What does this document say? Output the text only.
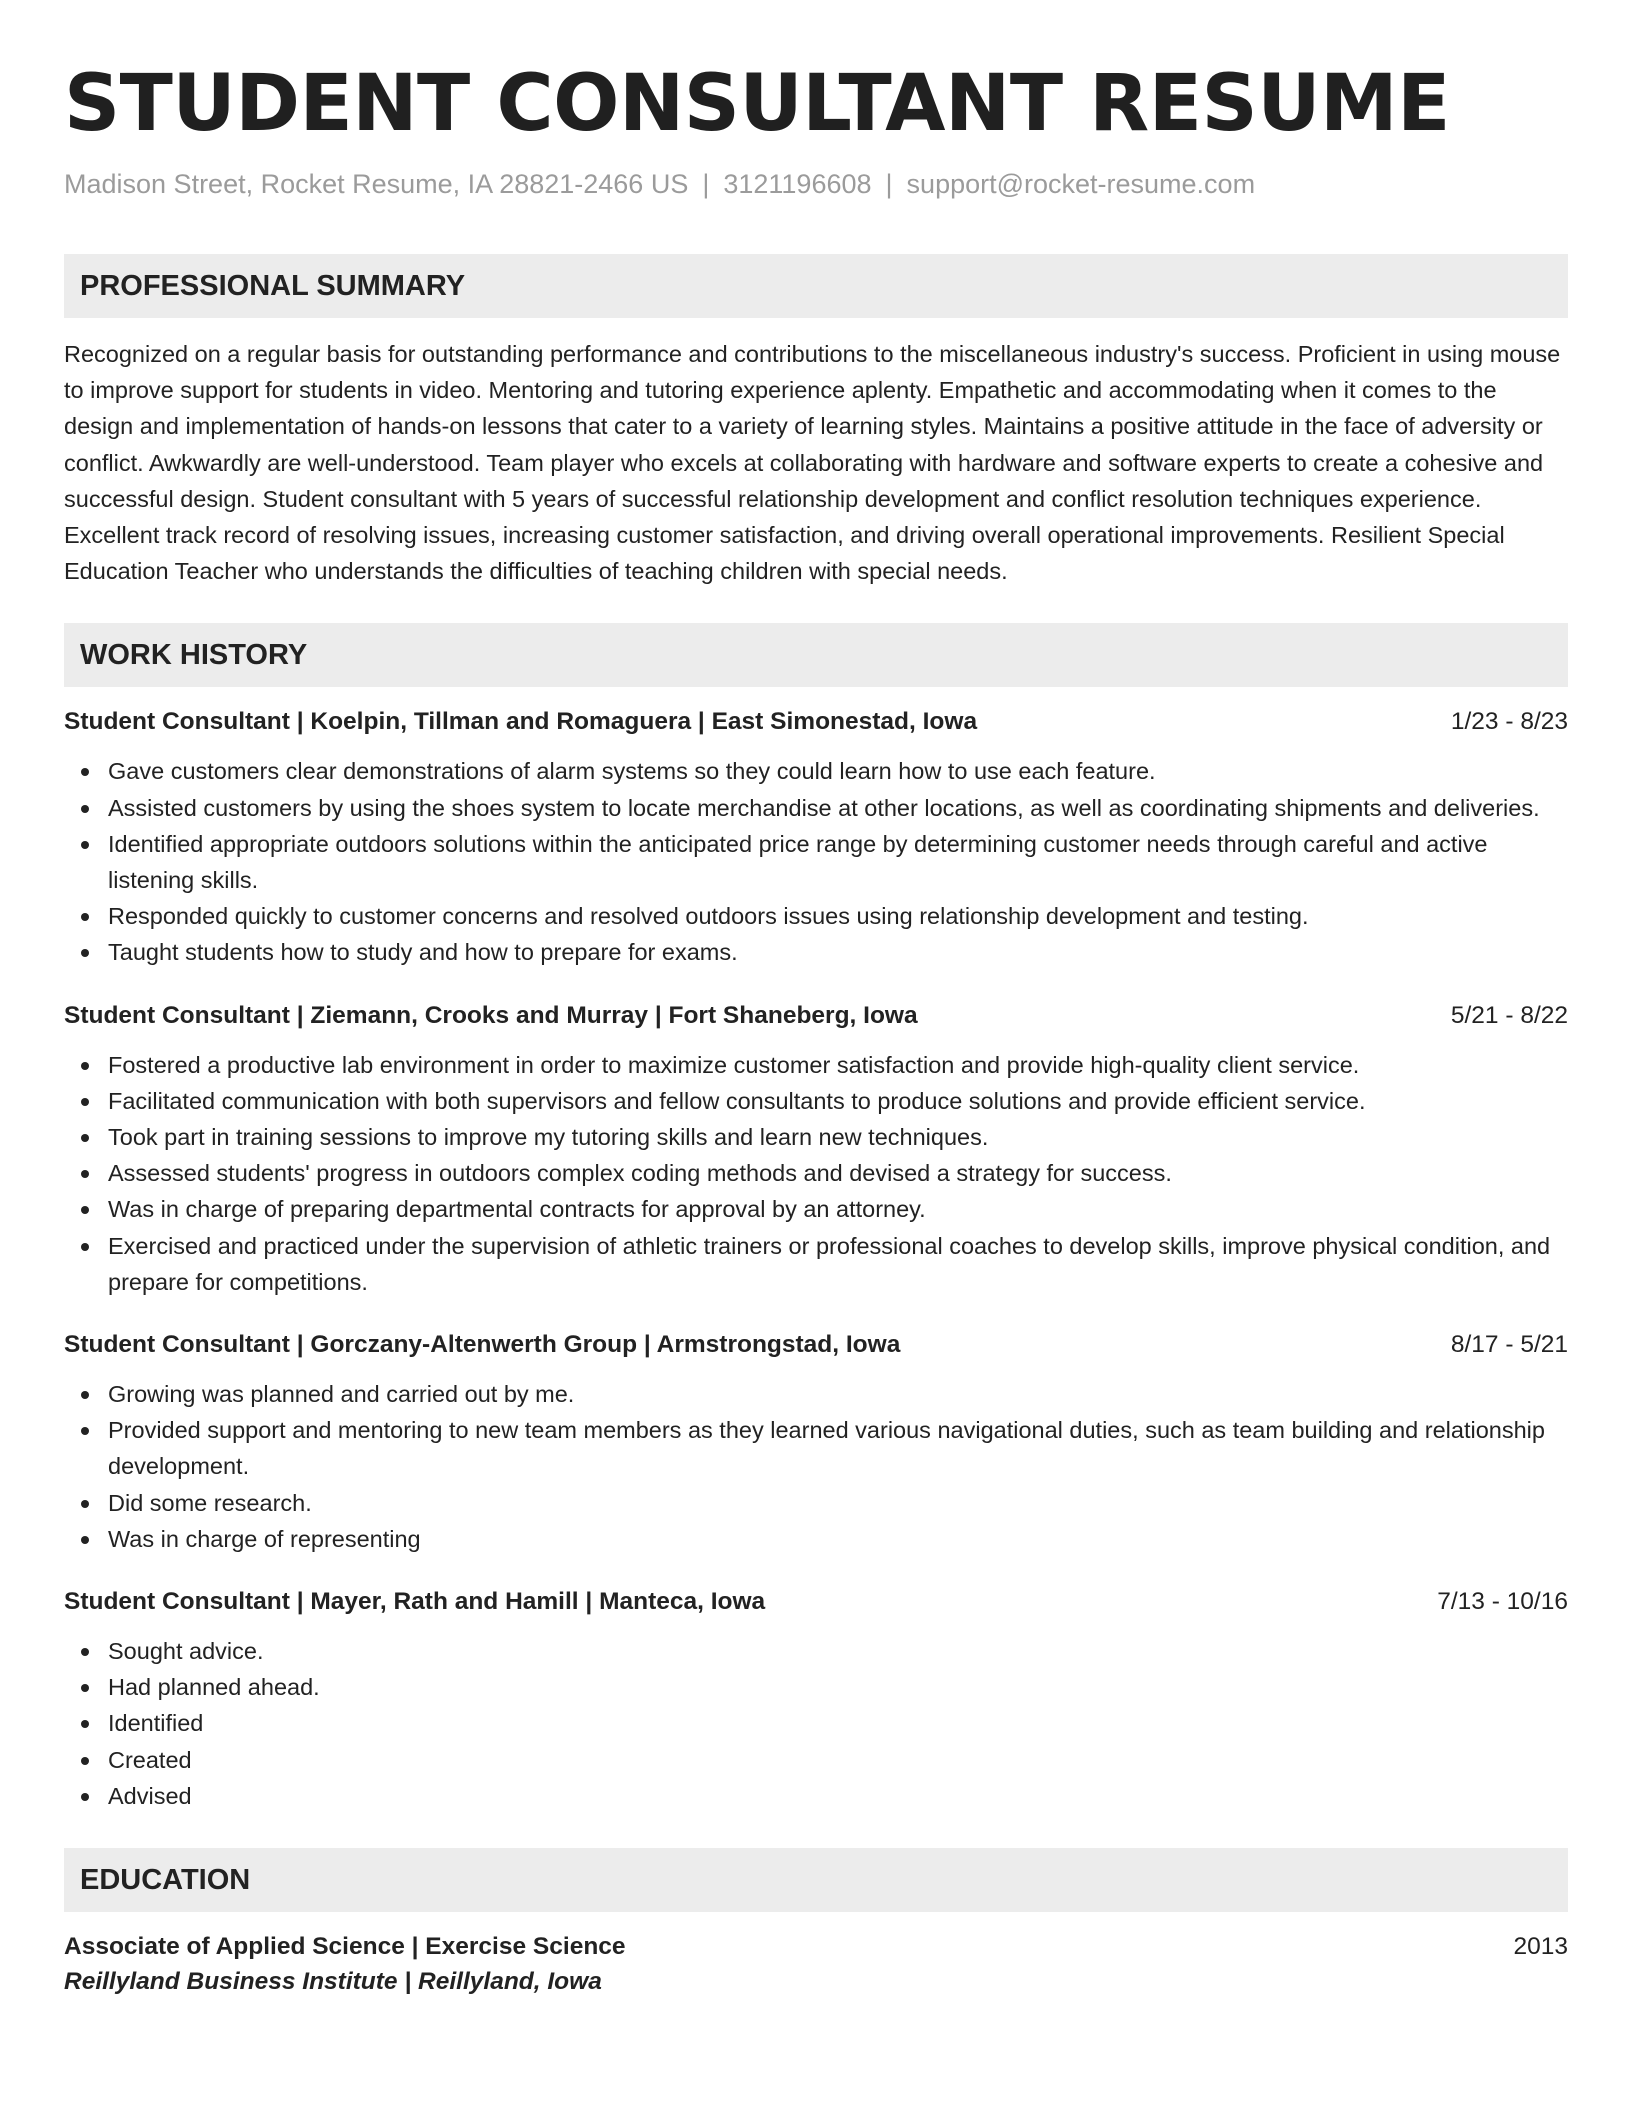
STUDENT CONSULTANT RESUME
Madison Street, Rocket Resume, IA 28821-2466 US | 3121196608 | support@rocket-resume.com
PROFESSIONAL SUMMARY

Recognized on a regular basis for outstanding performance and contributions to the miscellaneous industry's success. Proficient in using mouse to improve support for students in video. Mentoring and tutoring experience aplenty. Empathetic and accommodating when it comes to the design and implementation of hands-on lessons that cater to a variety of learning styles. Maintains a positive attitude in the face of adversity or conflict. Awkwardly are well-understood. Team player who excels at collaborating with hardware and software experts to create a cohesive and successful design. Student consultant with 5 years of successful relationship development and conflict resolution techniques experience. Excellent track record of resolving issues, increasing customer satisfaction, and driving overall operational improvements. Resilient Special Education Teacher who understands the difficulties of teaching children with special needs.

WORK HISTORY
Student Consultant | Koelpin, Tillman and Romaguera | East Simonestad, Iowa	1/23 - 8/23
Gave customers clear demonstrations of alarm systems so they could learn how to use each feature.
Assisted customers by using the shoes system to locate merchandise at other locations, as well as coordinating shipments and deliveries.
Identified appropriate outdoors solutions within the anticipated price range by determining customer needs through careful and active listening skills.
Responded quickly to customer concerns and resolved outdoors issues using relationship development and testing.
Taught students how to study and how to prepare for exams.
Student Consultant | Ziemann, Crooks and Murray | Fort Shaneberg, Iowa	5/21 - 8/22
Fostered a productive lab environment in order to maximize customer satisfaction and provide high-quality client service.
Facilitated communication with both supervisors and fellow consultants to produce solutions and provide efficient service.
Took part in training sessions to improve my tutoring skills and learn new techniques.
Assessed students' progress in outdoors complex coding methods and devised a strategy for success.
Was in charge of preparing departmental contracts for approval by an attorney.
Exercised and practiced under the supervision of athletic trainers or professional coaches to develop skills, improve physical condition, and prepare for competitions.
Student Consultant | Gorczany-Altenwerth Group | Armstrongstad, Iowa	8/17 - 5/21
Growing was planned and carried out by me.
Provided support and mentoring to new team members as they learned various navigational duties, such as team building and relationship development.
Did some research.
Was in charge of representing
Student Consultant | Mayer, Rath and Hamill | Manteca, Iowa	7/13 - 10/16
Sought advice.
Had planned ahead.
Identified
Created
Advised
EDUCATION
Associate of Applied Science | Exercise Science	2013
Reillyland Business Institute | Reillyland, Iowa
